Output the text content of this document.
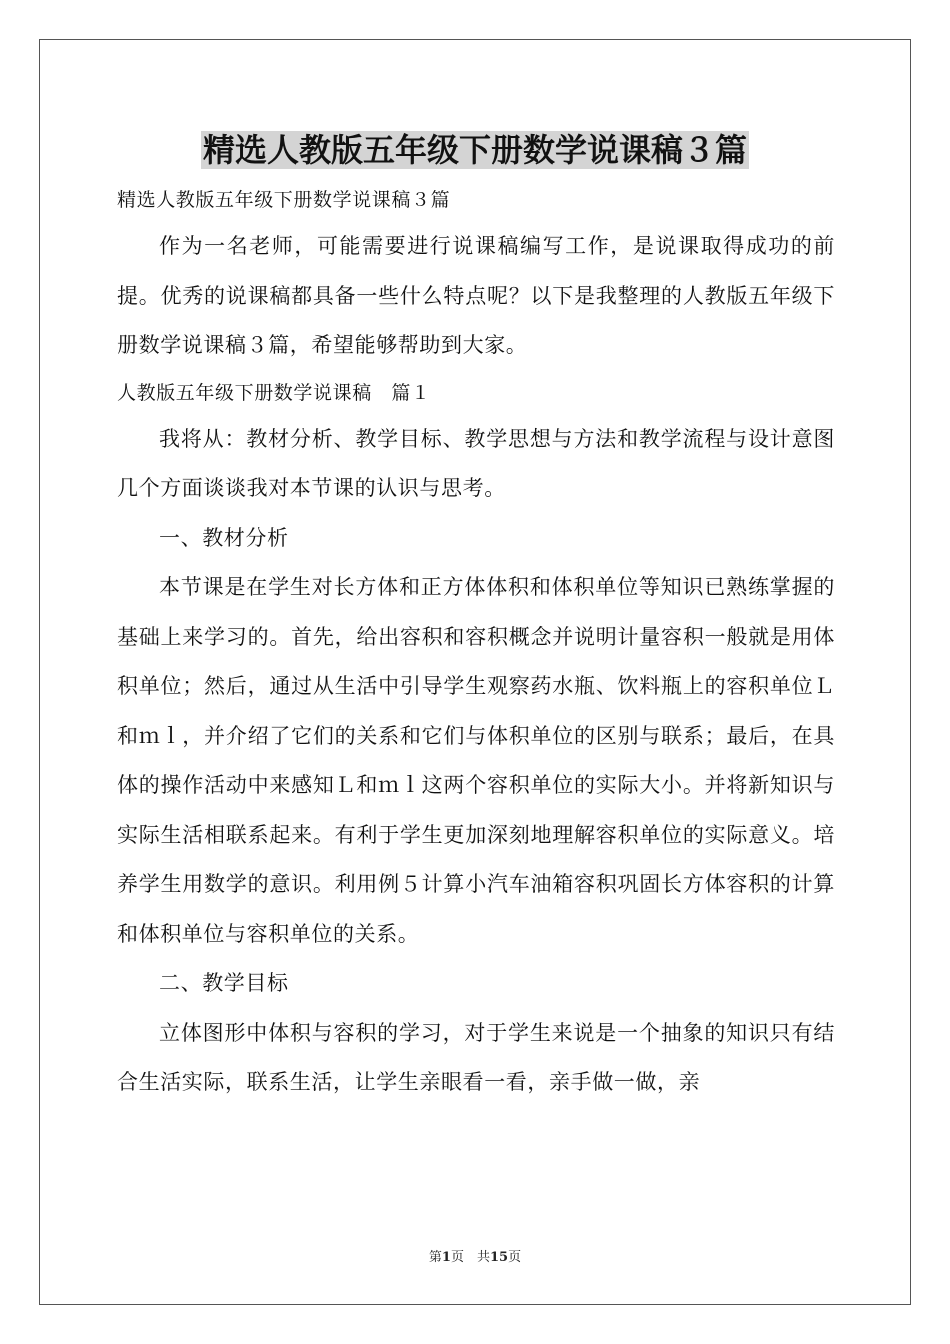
精选人教版五年级下册数学说课稿３篇

精选人教版五年级下册数学说课稿３篇

作为一名老师，可能需要进行说课稿编写工作，是说课取得成功的前提。优秀的说课稿都具备一些什么特点呢？以下是我整理的人教版五年级下册数学说课稿３篇，希望能够帮助到大家。

人教版五年级下册数学说课稿　篇１

我将从：教材分析、教学目标、教学思想与方法和教学流程与设计意图几个方面谈谈我对本节课的认识与思考。

一、教材分析

本节课是在学生对长方体和正方体体积和体积单位等知识已熟练掌握的基础上来学习的。首先，给出容积和容积概念并说明计量容积一般就是用体积单位；然后，通过从生活中引导学生观察药水瓶、饮料瓶上的容积单位Ｌ和ｍｌ，并介绍了它们的关系和它们与体积单位的区别与联系；最后，在具体的操作活动中来感知Ｌ和ｍｌ这两个容积单位的实际大小。并将新知识与实际生活相联系起来。有利于学生更加深刻地理解容积单位的实际意义。培养学生用数学的意识。利用例５计算小汽车油箱容积巩固长方体容积的计算和体积单位与容积单位的关系。

二、教学目标

立体图形中体积与容积的学习，对于学生来说是一个抽象的知识只有结合生活实际，联系生活，让学生亲眼看一看，亲手做一做，亲

第1页　共15页
